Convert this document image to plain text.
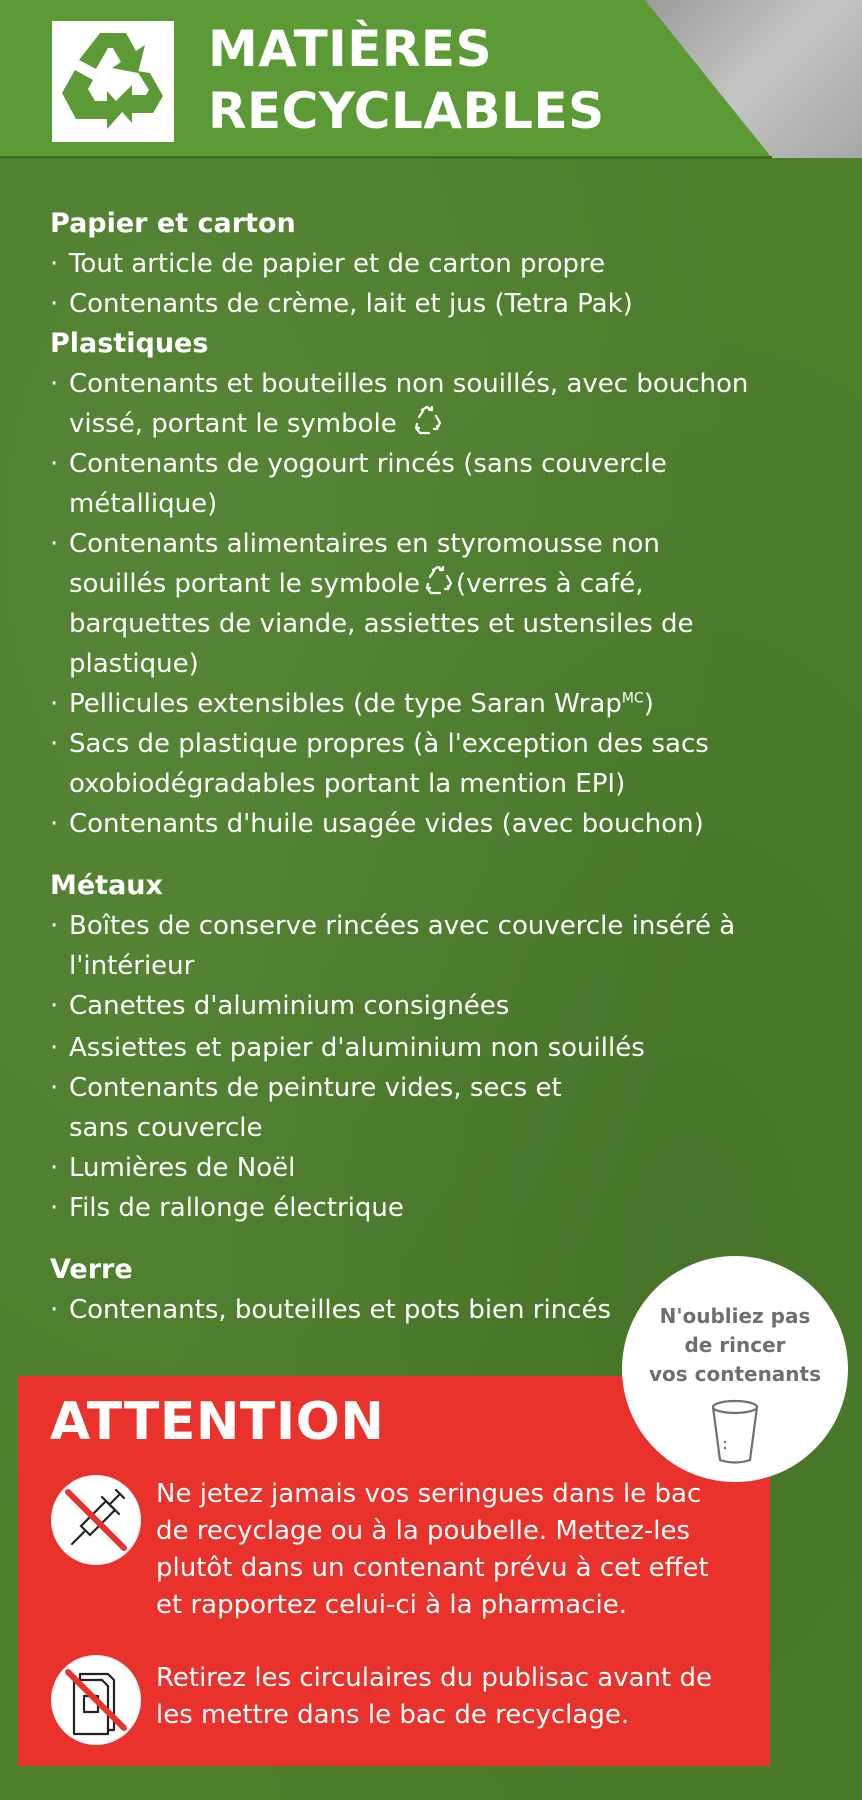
MATIÈRES
RECYCLABLES
Papier et carton
· Tout article de papier et de carton propre
· Contenants de crème, lait et jus (Tetra Pak)
Plastiques
· Contenants et bouteilles non souillés, avec bouchon
vissé, portant le symbole
· Contenants de yogourt rincés (sans couvercle
métallique)
· Contenants alimentaires en styromousse non
souillés portant le symbole (verres à café,
barquettes de viande, assiettes et ustensiles de
plastique)
· Pellicules extensibles (de type Saran Wrap$^{MC}$)
· Sacs de plastique propres (à l'exception des sacs
oxobiodégradables portant la mention EPI)
· Contenants d'huile usagée vides (avec bouchon)
Métaux
· Boîtes de conserve rincées avec couvercle inséré à
l'intérieur
· Canettes d'aluminium consignées
· Assiettes et papier d'aluminium non souillés
· Contenants de peinture vides, secs et
sans couvercle
· Lumières de Noël
· Fils de rallonge électrique
Verre
· Contenants, bouteilles et pots bien rincés
ATTENTION
Ne jetez jamais vos seringues dans le bac
de recyclage ou à la poubelle. Mettez-les
plutôt dans un contenant prévu à cet effet
et rapportez celui-ci à la pharmacie.
Retirez les circulaires du publisac avant de
les mettre dans le bac de recyclage.
N'oubliez pas
de rincer
vos contenants
